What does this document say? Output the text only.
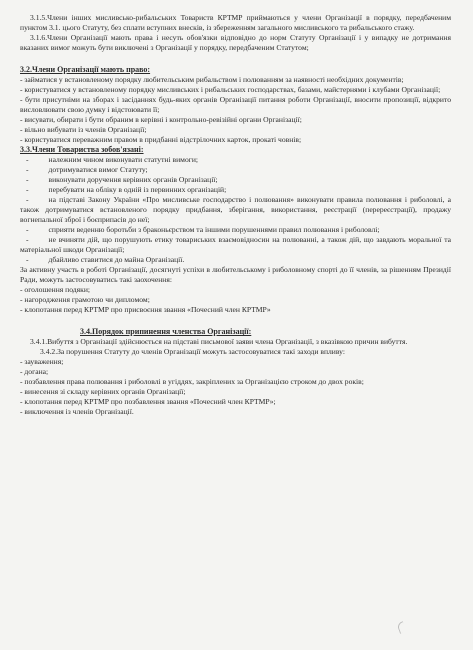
3.1.5.Члени інших мисливсько-рибальських Товариств КРТМР приймаються у члени Організації в порядку, передбаченим пунктом 3.1. цього Статуту, без сплати вступних внесків, із збереженням загального мисливського та рибальського стажу.

3.1.6.Члени Організації мають права і несуть обов'язки відповідно до норм Статуту Організації і у випадку не дотримання вказаних вимог можуть бути виключені з Організації у порядку, передбаченим Статутом;

3.2.Члени Організації мають право:

- займатися у встановленому порядку любительським рибальством і полюванням за наявності необхідних документів;

- користуватися у встановленому порядку мисливських і рибальських господарствах, базами, майстернями і клубами Організації;

- бути присутніми на зборах і засіданнях будь-яких органів Організації питання роботи Організації, вносити пропозиції, відкрито висловлювати свою думку і відстоювати її;

- висувати, обирати і бути обраним в керівні і контрольно-ревізійні органи Організації;

- вільно вибувати із членів Організації;

- користуватися переважним правом в придбанні відстрілочних карток, прокаті човнів;

3.3.Члени Товариства зобов'язані:

-	належним чином виконувати статутні вимоги;

-	дотримуватися вимог Статуту;

-	виконувати доручення керівних органів Організації;

-	перебувати на обліку в одній із первинних організацій;

-	на підставі Закону України «Про мисливське господарство і полювання» виконувати правила полювання і риболовлі, а також дотримуватися встановленого порядку придбання, зберігання, використання, реєстрації (перереєстрації), продажу вогнепальної зброї і боєприпасів до неї;

-	сприяти веденню боротьби з браконьєрством та іншими порушеннями правил полювання і риболовлі;

-	не вчиняти дій, що порушують етику товариських взаємовідносин на полюванні, а також дій, що завдають моральної та матеріальної шкоди Організації;

-	дбайливо ставитися до майна Організації.

За активну участь в роботі Організації, досягнуті успіхи в любительському і риболовному спорті до її членів, за рішенням Президії Ради, можуть застосовуватись такі заохочення:

- оголошення подяки;

- нагородження грамотою чи дипломом;

- клопотання перед КРТМР про присвоєння звання «Почесний член КРТМР»

3.4.Порядок припинення членства Організації:

3.4.1.Вибуття з Організації здійснюється на підставі письмової заяви члена Організації, з вказівкою причин вибуття.

3.4.2.За порушення Статуту до членів Організації можуть застосовуватися такі заходи впливу:

- зауваження;

- догана;

- позбавлення права полювання і риболовлі в угіддях, закріплених за Організацією строком до двох років;

- винесення зі складу керівних органів Організації;

- клопотання перед КРТМР про позбавлення звання «Почесний член КРТМР»;

- виключення із членів Організації.
